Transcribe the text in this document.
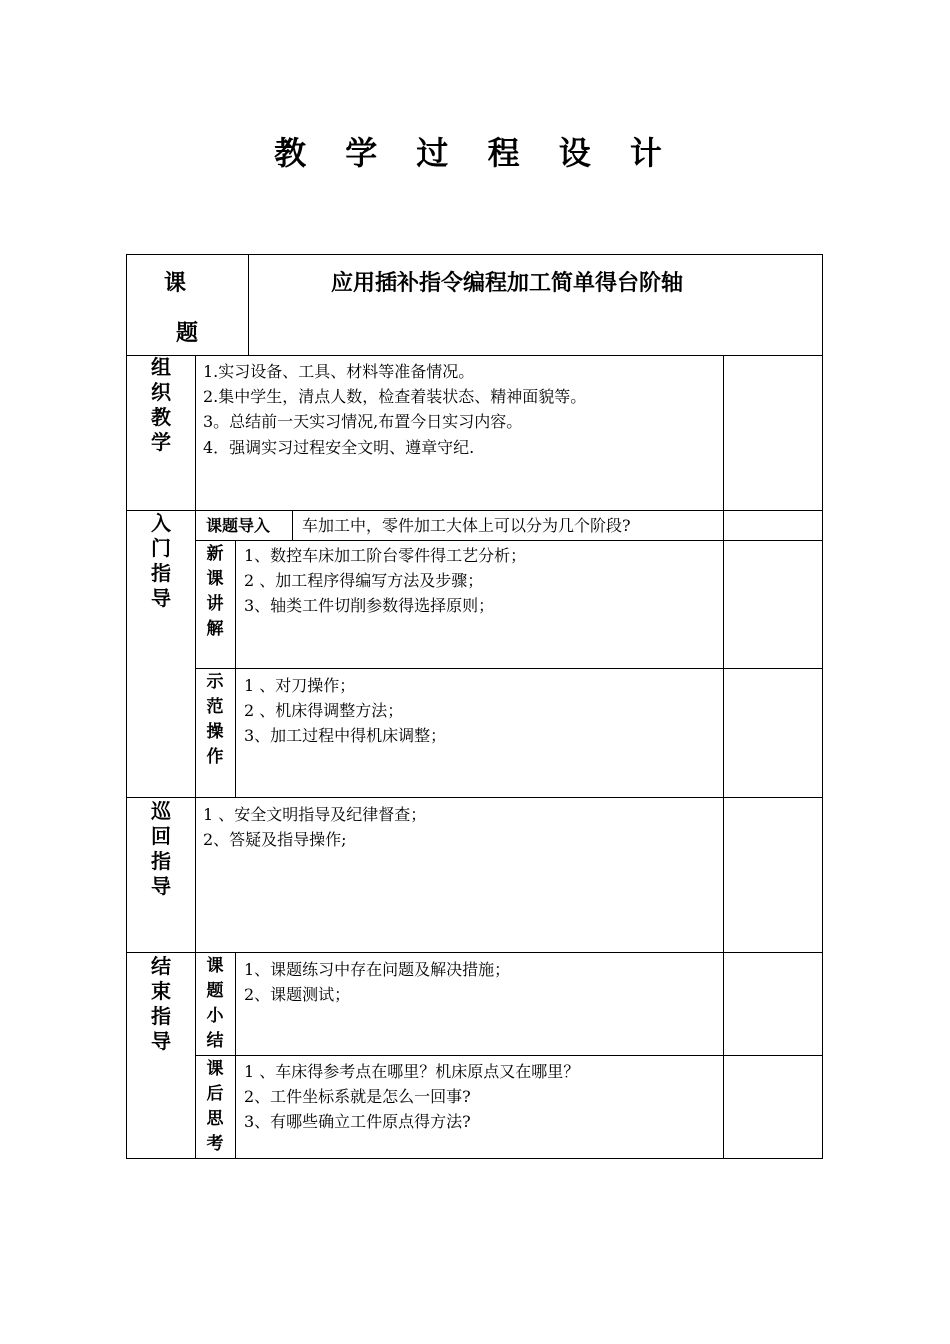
教 学 过 程 设 计
课
题
应用插补指令编程加工简单得台阶轴
组
织
教
学
1.实习设备、工具、材料等准备情况。
2.集中学生，清点人数，检查着装状态、精神面貌等。
3。总结前一天实习情况,布置今日实习内容。
4．强调实习过程安全文明、遵章守纪.
入
门
指
导
课题导入 车加工中，零件加工大体上可以分为几个阶段?
新
课
讲
解
1、数控车床加工阶台零件得工艺分析；
2 、加工程序得编写方法及步骤；
3、轴类工件切削参数得选择原则；
示
范
操
作
1 、对刀操作；
2 、机床得调整方法；
3、加工过程中得机床调整；
巡
回
指
导
1 、安全文明指导及纪律督查；
2、答疑及指导操作;
结
束
指
导
课
题
小
结
1、课题练习中存在问题及解决措施；
2、课题测试；
课
后
思
考
1 、车床得参考点在哪里？机床原点又在哪里？
2、工件坐标系就是怎么一回事?
3、有哪些确立工件原点得方法?
